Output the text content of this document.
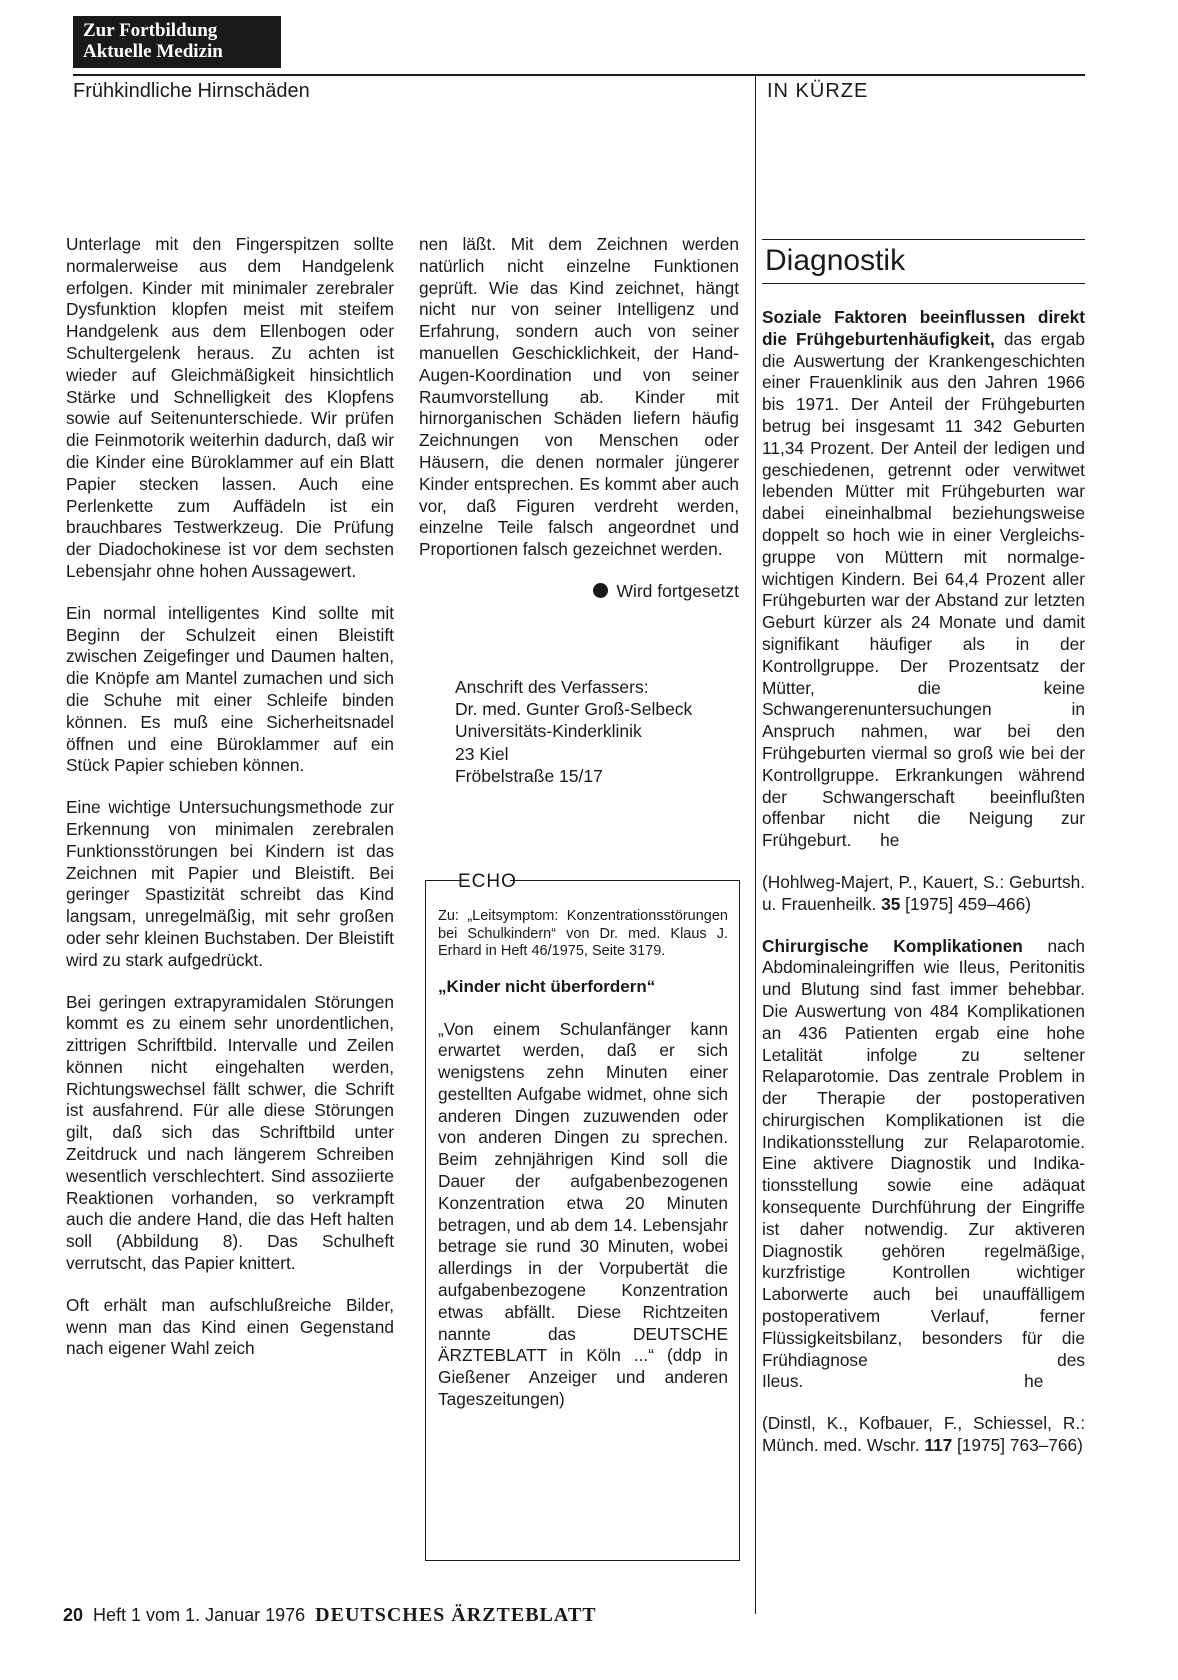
Zur Fortbildung
Aktuelle Medizin
Frühkindliche Hirnschäden	IN KÜRZE

Unterlage mit den Fingerspitzen sollte normalerweise aus dem Handgelenk erfolgen. Kinder mit minimaler zerebraler Dysfunktion klopfen meist mit steifem Handgelenk aus dem Ellenbogen oder Schultergelenk heraus. Zu achten ist wieder auf Gleichmäßigkeit hinsichtlich Stärke und Schnelligkeit des Klopfens sowie auf Seitenunterschiede. Wir prüfen die Feinmotorik weiterhin dadurch, daß wir die Kinder eine Büroklammer auf ein Blatt Papier stecken lassen. Auch eine Perlenkette zum Auffädeln ist ein brauchbares Testwerkzeug. Die Prüfung der Diadochokinese ist vor dem sechsten Lebensjahr ohne hohen Aussagewert.

Ein normal intelligentes Kind sollte mit Beginn der Schulzeit einen Bleistift zwischen Zeigefinger und Daumen halten, die Knöpfe am Mantel zumachen und sich die Schuhe mit einer Schleife binden können. Es muß eine Sicherheitsnadel öffnen und eine Büroklammer auf ein Stück Papier schieben können.

Eine wichtige Untersuchungsmethode zur Erkennung von minimalen zerebralen Funktionsstörungen bei Kindern ist das Zeichnen mit Papier und Bleistift. Bei geringer Spastizität schreibt das Kind langsam, unregelmäßig, mit sehr großen oder sehr kleinen Buchstaben. Der Bleistift wird zu stark aufgedrückt.

Bei geringen extrapyramidalen Störungen kommt es zu einem sehr unordentlichen, zittrigen Schriftbild. Intervalle und Zeilen können nicht eingehalten werden, Richtungswechsel fällt schwer, die Schrift ist ausfahrend. Für alle diese Störungen gilt, daß sich das Schriftbild unter Zeitdruck und nach längerem Schreiben wesentlich verschlechtert. Sind assoziierte Reaktionen vorhanden, so verkrampft auch die andere Hand, die das Heft halten soll (Abbildung 8). Das Schulheft verrutscht, das Papier knittert.

Oft erhält man aufschlußreiche Bilder, wenn man das Kind einen Gegenstand nach eigener Wahl zeich

nen läßt. Mit dem Zeichnen werden natürlich nicht einzelne Funktionen geprüft. Wie das Kind zeichnet, hängt nicht nur von seiner Intelligenz und Erfahrung, sondern auch von seiner manuellen Geschicklichkeit, der Hand-Augen-Koordination und von seiner Raumvorstellung ab. Kinder mit hirnorganischen Schäden liefern häufig Zeichnungen von Menschen oder Häusern, die denen normaler jüngerer Kinder entsprechen. Es kommt aber auch vor, daß Figuren verdreht werden, einzelne Teile falsch angeordnet und Proportionen falsch gezeichnet werden.

Wird fortgesetzt

Anschrift des Verfassers:
Dr. med. Gunter Groß-Selbeck
Universitäts-Kinderklinik
23 Kiel
Fröbelstraße 15/17
ECHO

Zu: „Leitsymptom: Konzentrationsstörungen bei Schulkindern“ von Dr. med. Klaus J. Erhard in Heft 46/1975, Seite 3179.

„Kinder nicht überfordern“

„Von einem Schulanfänger kann erwartet werden, daß er sich wenigstens zehn Minuten einer gestellten Aufgabe widmet, ohne sich anderen Dingen zuzuwenden oder von anderen Dingen zu sprechen. Beim zehnjährigen Kind soll die Dauer der aufgabenbezogenen Konzentration etwa 20 Minuten betragen, und ab dem 14. Lebensjahr betrage sie rund 30 Minuten, wobei allerdings in der Vorpubertät die aufgabenbezogene Konzentration etwas abfällt. Diese Richtzeiten nannte das DEUTSCHE ÄRZTEBLATT in Köln ...“ (ddp in Gießener Anzeiger und anderen Tageszeitungen)

Diagnostik

Soziale Faktoren beeinflussen direkt die Frühgeburtenhäufigkeit, das ergab die Auswertung der Krankengeschichten einer Frauenklinik aus den Jahren 1966 bis 1971. Der Anteil der Frühgeburten betrug bei insgesamt 11 342 Geburten 11,34 Prozent. Der Anteil der ledigen und geschiedenen, getrennt oder verwitwet lebenden Mütter mit Frühgeburten war dabei eineinhalbmal beziehungsweise doppelt so hoch wie in einer Vergleichsgruppe von Müttern mit normalgewichtigen Kindern. Bei 64,4 Prozent aller Frühgeburten war der Abstand zur letzten Geburt kürzer als 24 Monate und damit signifikant häufiger als in der Kontrollgruppe. Der Prozentsatz der Mütter, die keine Schwangerenuntersuchungen in Anspruch nahmen, war bei den Frühgeburten viermal so groß wie bei der Kontrollgruppe. Erkrankungen während der Schwangerschaft beeinflußten offenbar nicht die Neigung zur Frühgeburt. he

(Hohlweg-Majert, P., Kauert, S.: Geburtsh. u. Frauenheilk. 35 [1975] 459–466)

Chirurgische Komplikationen nach Abdominaleingriffen wie Ileus, Peritonitis und Blutung sind fast immer behebbar. Die Auswertung von 484 Komplikationen an 436 Patienten ergab eine hohe Letalität infolge zu seltener Relaparotomie. Das zentrale Problem in der Therapie der postoperativen chirurgischen Komplikationen ist die Indikationsstellung zur Relaparotomie. Eine aktivere Diagnostik und Indikationsstellung sowie eine adäquat konsequente Durchführung der Eingriffe ist daher notwendig. Zur aktiveren Diagnostik gehören regelmäßige, kurzfristige Kontrollen wichtiger Laborwerte auch bei unauffälligem postoperativem Verlauf, ferner Flüssigkeitsbilanz, besonders für die Frühdiagnose des Ileus.	he

(Dinstl, K., Kofbauer, F., Schiessel, R.: Münch. med. Wschr. 117 [1975] 763–766)

20 Heft 1 vom 1. Januar 1976 DEUTSCHES ÄRZTEBLATT
